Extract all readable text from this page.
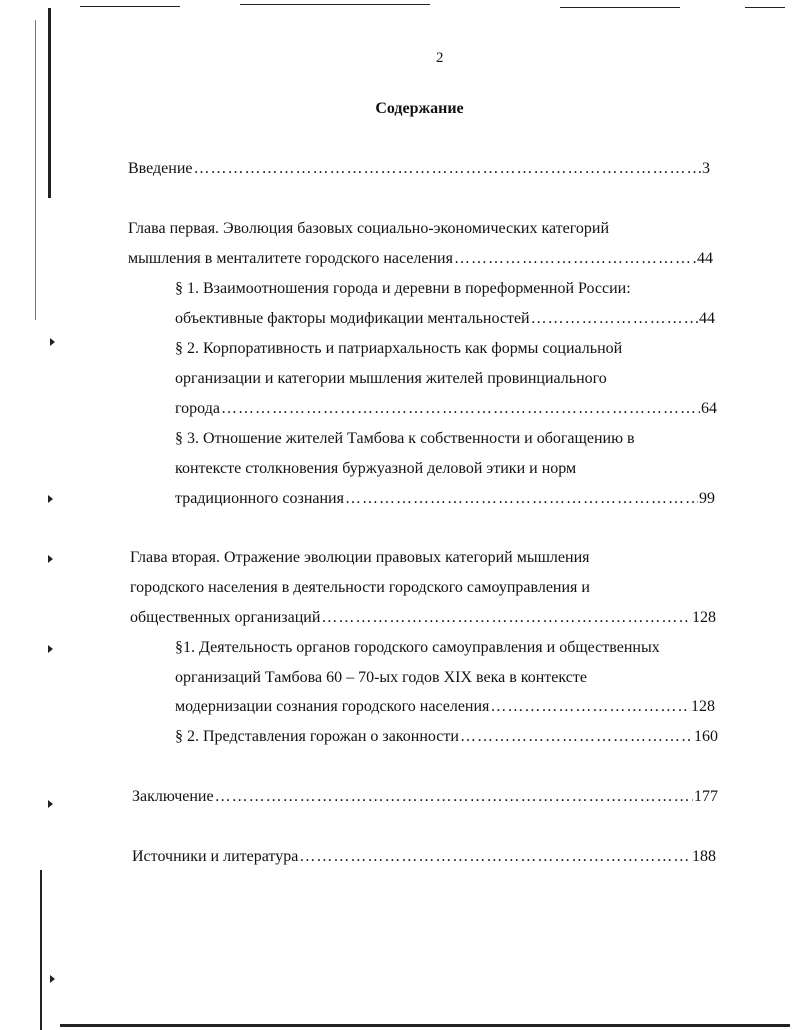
2
Содержание
Введение …………………………………………………………………………………………………………………………………………………………	3
Глава первая. Эволюция базовых социально-экономических категорий
мышления в менталитете городского населения …………………………………………………………………………………………………………………………………………………………	44
§ 1. Взаимоотношения города и деревни в пореформенной России:
объективные факторы модификации ментальностей …………………………………………………………………………………………………………………………………………………………	44
§ 2. Корпоративность и патриархальность как формы социальной
организации и категории мышления жителей провинциального
города …………………………………………………………………………………………………………………………………………………………	64
§ 3. Отношение жителей Тамбова к собственности и обогащению в
контексте столкновения буржуазной деловой этики и норм
традиционного сознания …………………………………………………………………………………………………………………………………………………………	99
Глава вторая. Отражение эволюции правовых категорий мышления
городского населения в деятельности городского самоуправления и
общественных организаций …………………………………………………………………………………………………………………………………………………………	128
§1. Деятельность органов городского самоуправления и общественных
организаций Тамбова 60 – 70-ых годов XIX века в контексте
модернизации сознания городского населения …………………………………………………………………………………………………………………………………………………………	128
§ 2. Представления горожан о законности …………………………………………………………………………………………………………………………………………………………	160
Заключение …………………………………………………………………………………………………………………………………………………………	177
Источники и литература …………………………………………………………………………………………………………………………………………………………	188
